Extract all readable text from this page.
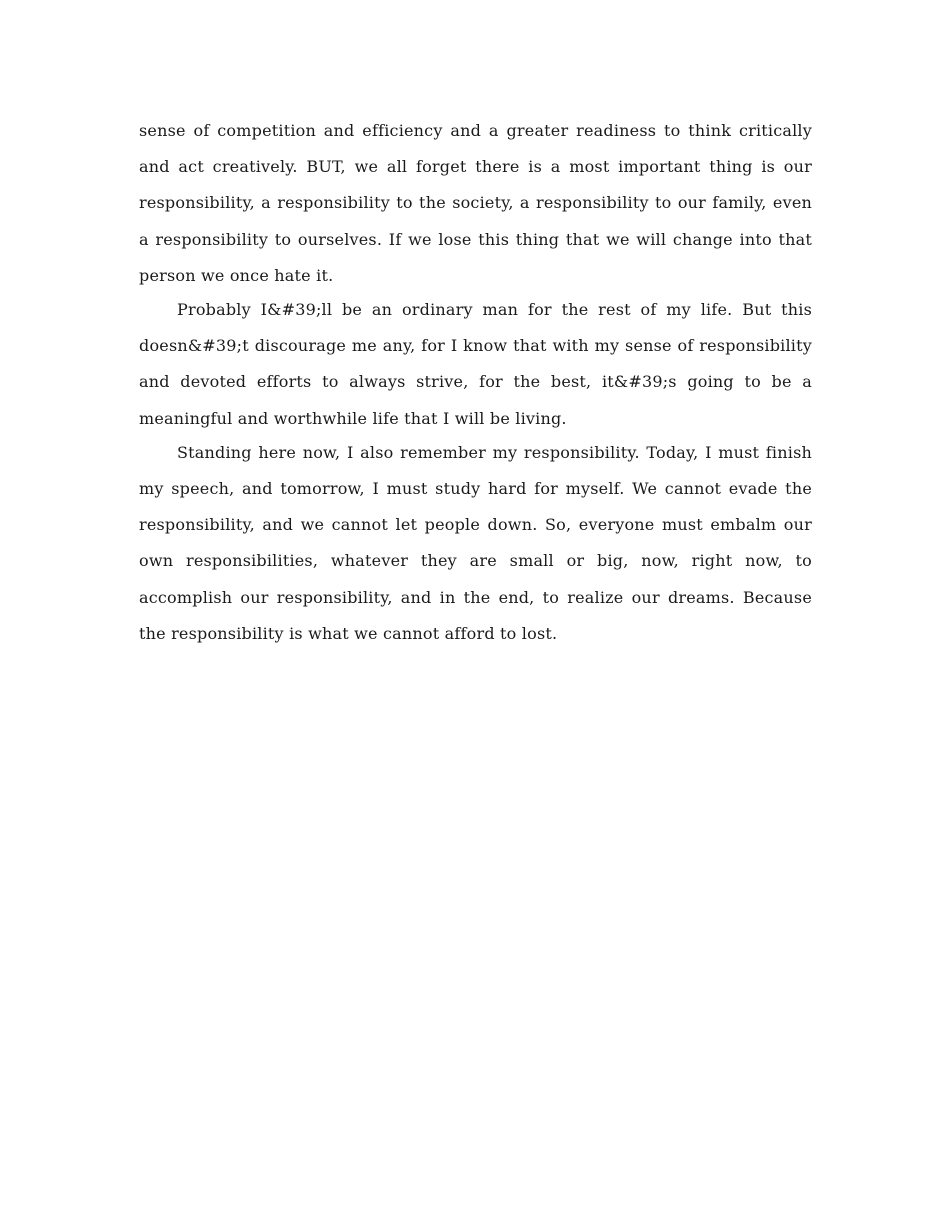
sense of competition and efficiency and a greater readiness to think critically and act creatively. BUT, we all forget there is a most important thing is our responsibility, a responsibility to the society, a responsibility to our family, even a responsibility to ourselves. If we lose this thing that we will change into that person we once hate it.

Probably I&#39;ll be an ordinary man for the rest of my life. But this doesn&#39;t discourage me any, for I know that with my sense of responsibility and devoted efforts to always strive, for the best, it&#39;s going to be a meaningful and worthwhile life that I will be living.

Standing here now, I also remember my responsibility. Today, I must finish my speech, and tomorrow, I must study hard for myself. We cannot evade the responsibility, and we cannot let people down. So, everyone must embalm our own responsibilities, whatever they are small or big, now, right now, to accomplish our responsibility, and in the end, to realize our dreams. Because the responsibility is what we cannot afford to lost.
